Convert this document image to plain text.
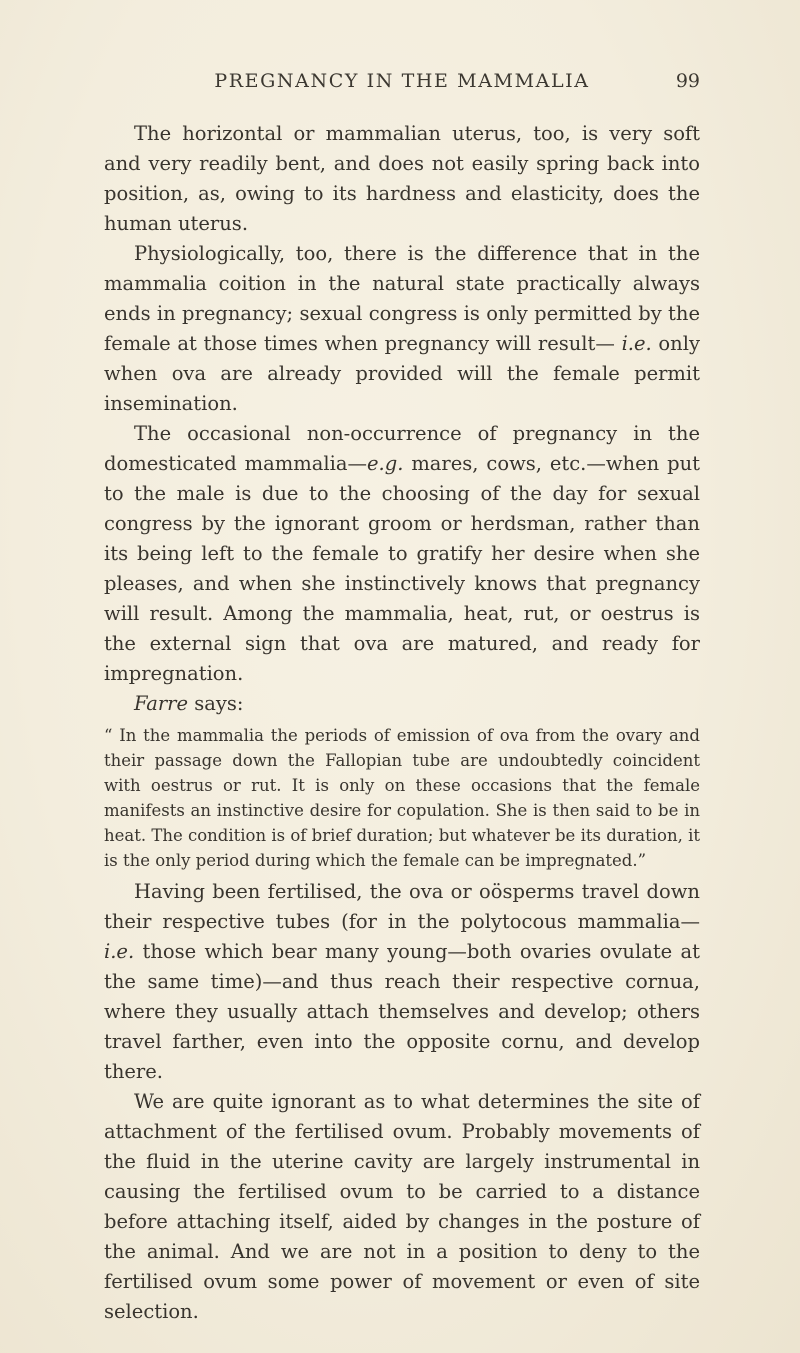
PREGNANCY IN THE MAMMALIA	99

The horizontal or mammalian uterus, too, is very soft and very readily bent, and does not easily spring back into position, as, owing to its hardness and elasticity, does the human uterus.

Physiologically, too, there is the difference that in the mammalia coition in the natural state practically always ends in pregnancy; sexual congress is only permitted by the female at those times when pregnancy will result— i.e. only when ova are already provided will the female permit insemination.

The occasional non-occurrence of pregnancy in the domesticated mammalia—e.g. mares, cows, etc.—when put to the male is due to the choosing of the day for sexual congress by the ignorant groom or herdsman, rather than its being left to the female to gratify her desire when she pleases, and when she instinctively knows that pregnancy will result. Among the mammalia, heat, rut, or oestrus is the external sign that ova are matured, and ready for impregnation.

Farre says:

“ In the mammalia the periods of emission of ova from the ovary and their passage down the Fallopian tube are undoubtedly coincident with oestrus or rut. It is only on these occasions that the female manifests an instinctive desire for copulation. She is then said to be in heat. The condition is of brief duration; but whatever be its duration, it is the only period during which the female can be impregnated.”

Having been fertilised, the ova or oösperms travel down their respective tubes (for in the polytocous mammalia— i.e. those which bear many young—both ovaries ovulate at the same time)—and thus reach their respective cornua, where they usually attach themselves and develop; others travel farther, even into the opposite cornu, and develop there.

We are quite ignorant as to what determines the site of attachment of the fertilised ovum. Probably movements of the fluid in the uterine cavity are largely instrumental in causing the fertilised ovum to be carried to a distance before attaching itself, aided by changes in the posture of the animal. And we are not in a position to deny to the fertilised ovum some power of movement or even of site selection.
